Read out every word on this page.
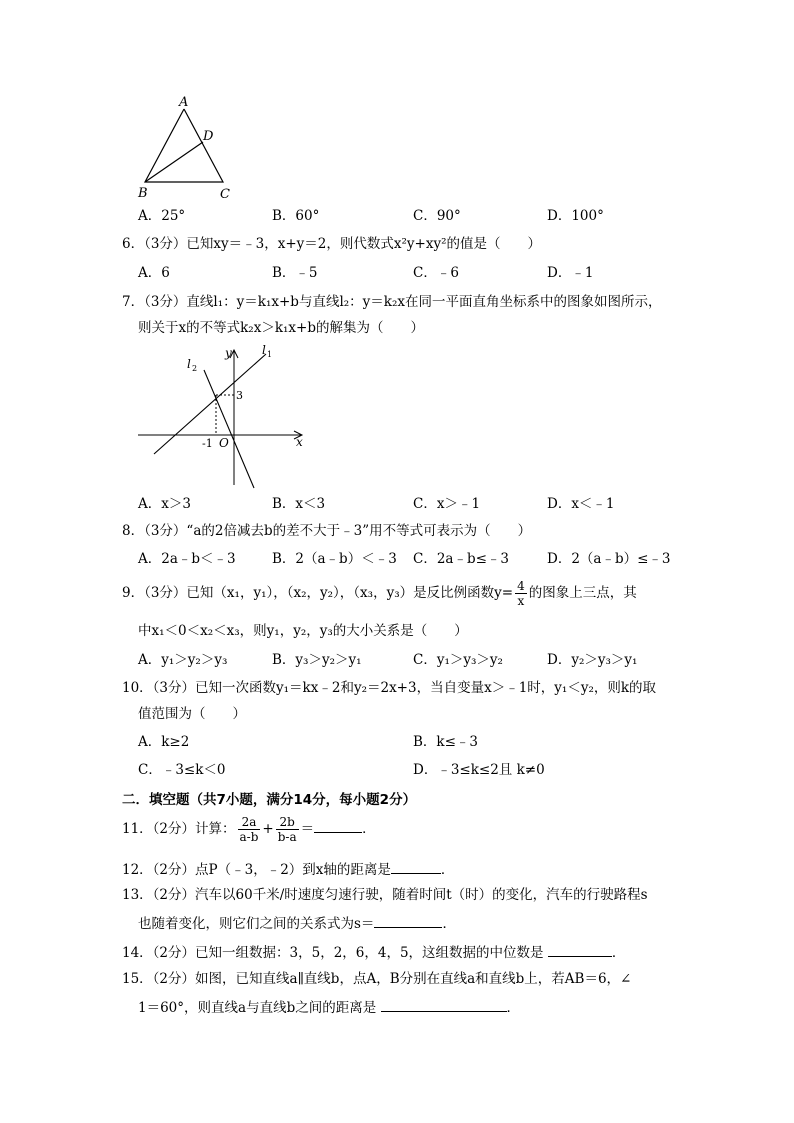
A
D
B	C
A．25°	B．60°	C．90°	D．100°
6．（3分）已知xy＝﹣3，x+y＝2，则代数式x²y+xy²的值是（　　）
A．6	B．﹣5	C．﹣6	D．﹣1
7．（3分）直线l₁：y＝k₁x+b与直线l₂：y＝k₂x在同一平面直角坐标系中的图象如图所示，
则关于x的不等式k₂x＞k₁x+b的解集为（　　）
l 1
l 2
y
x
3
-1 O
A．x＞3	B．x＜3	C．x＞﹣1	D．x＜﹣1
8．（3分）“a的2倍减去b的差不大于﹣3”用不等式可表示为（　　）
A．2a﹣b＜﹣3	B．2（a﹣b）＜﹣3 C．2a﹣b≤﹣3	D．2（a﹣b）≤﹣3
9．（3分）已知（x₁，y₁），（x₂，y₂），（x₃，y₃）是反比例函数$y= \frac{4}{x}$ 的图象上三点，其
中x₁＜0＜x₂＜x₃，则y₁，y₂，y₃的大小关系是（　　）
A．y₁＞y₂＞y₃	B．y₃＞y₂＞y₁	C．y₁＞y₃＞y₂	D．y₂＞y₃＞y₁
10．（3分）已知一次函数y₁＝kx﹣2和y₂＝2x+3，当自变量x＞﹣1时，y₁＜y₂，则k的取
值范围为（　　）
A．k≥2	B．k≤﹣3
C．﹣3≤k＜0	D．﹣3≤k≤2且 k≠0
二．填空题（共7小题，满分14分，每小题2分）
11．（2分）计算： $\frac{2a}{a-b} + \frac{2b}{b-a}$ ＝	．
12．（2分）点P（﹣3，﹣2）到x轴的距离是	．
13．（2分）汽车以60千米/时速度匀速行驶，随着时间t（时）的变化，汽车的行驶路程s
也随着变化，则它们之间的关系式为s＝	．
14．（2分）已知一组数据：3，5，2，6，4，5，这组数据的中位数是	．
15．（2分）如图，已知直线a∥直线b，点A，B分别在直线a和直线b上，若AB＝6，∠
1＝60°，则直线a与直线b之间的距离是	．
